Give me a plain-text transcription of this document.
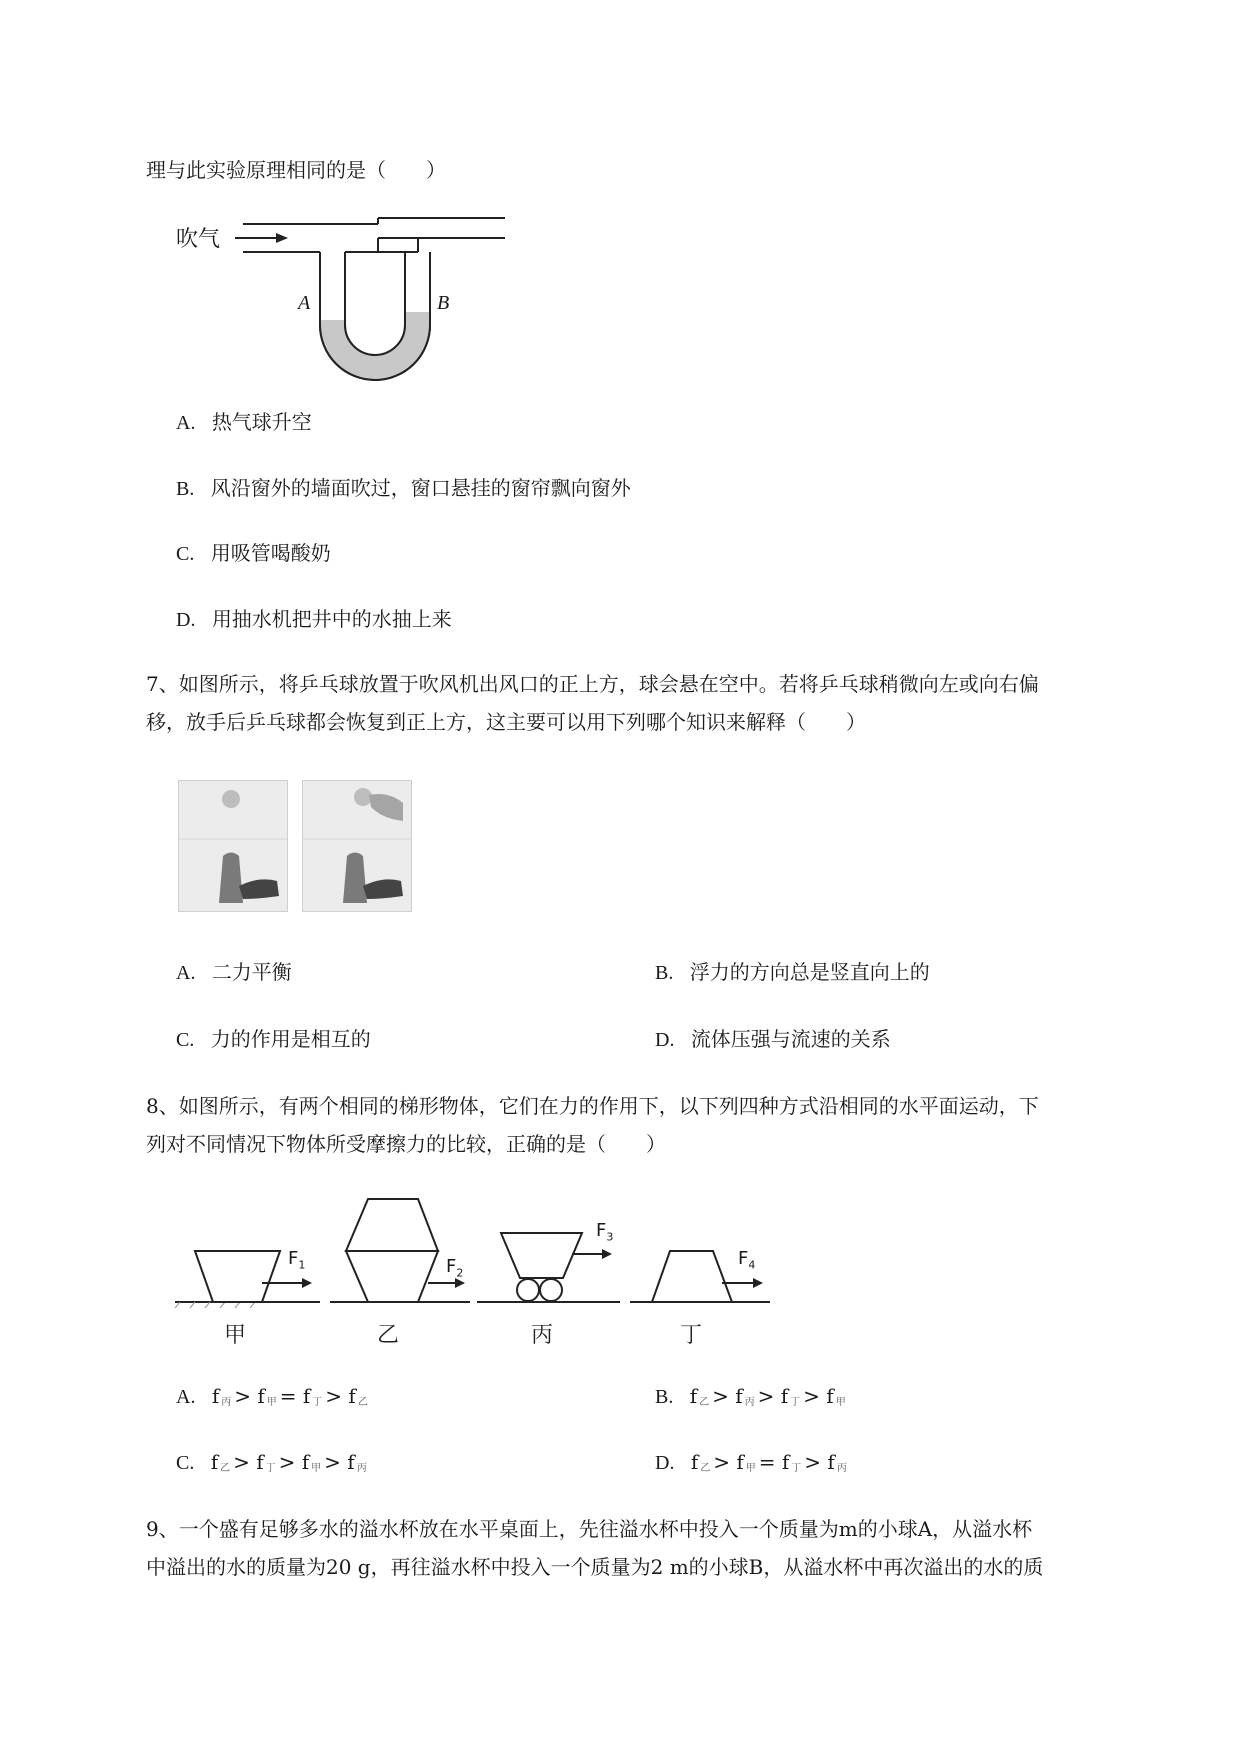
理与此实验原理相同的是（　　）
吹气
A	B
A. 热气球升空
B. 风沿窗外的墙面吹过，窗口悬挂的窗帘飘向窗外
C. 用吸管喝酸奶
D. 用抽水机把井中的水抽上来
7、如图所示，将乒乓球放置于吹风机出风口的正上方，球会悬在空中。若将乒乓球稍微向左或向右偏
移，放手后乒乓球都会恢复到正上方，这主要可以用下列哪个知识来解释（　　）
A. 二力平衡	B. 浮力的方向总是竖直向上的
C. 力的作用是相互的	D. 流体压强与流速的关系
8、如图所示，有两个相同的梯形物体，它们在力的作用下，以下列四种方式沿相同的水平面运动，下
列对不同情况下物体所受摩擦力的比较，正确的是（　　）
$F_1$	$F_2$
$F_3$
$F_4$
甲	乙	丙	丁
A. f $_丙$ > f $_甲$ = f $_丁$ > f $_乙$	B. f $_乙$ > f $_丙$ > f $_丁$ > f $_甲$
C. f $_乙$ > f $_丁$ > f $_甲$ > f $_丙$	D. f $_乙$ > f $_甲$ = f $_丁$ > f $_丙$
9、一个盛有足够多水的溢水杯放在水平桌面上，先往溢水杯中投入一个质量为m的小球A，从溢水杯
中溢出的水的质量为20 g，再往溢水杯中投入一个质量为2 m的小球B，从溢水杯中再次溢出的水的质
